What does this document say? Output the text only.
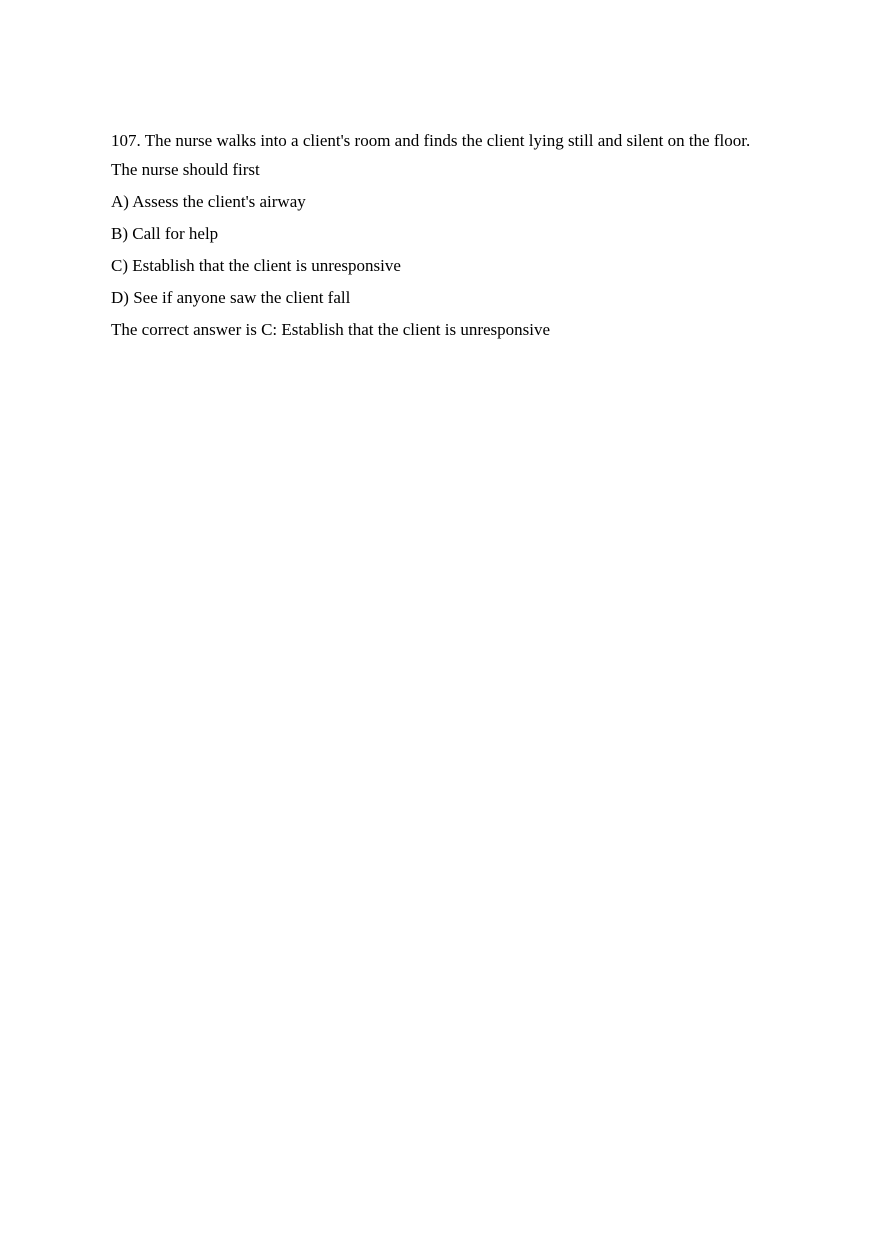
107. The nurse walks into a client's room and finds the client lying still and silent on the floor. The nurse should first

A) Assess the client's airway

B) Call for help

C) Establish that the client is unresponsive

D) See if anyone saw the client fall

The correct answer is C: Establish that the client is unresponsive
